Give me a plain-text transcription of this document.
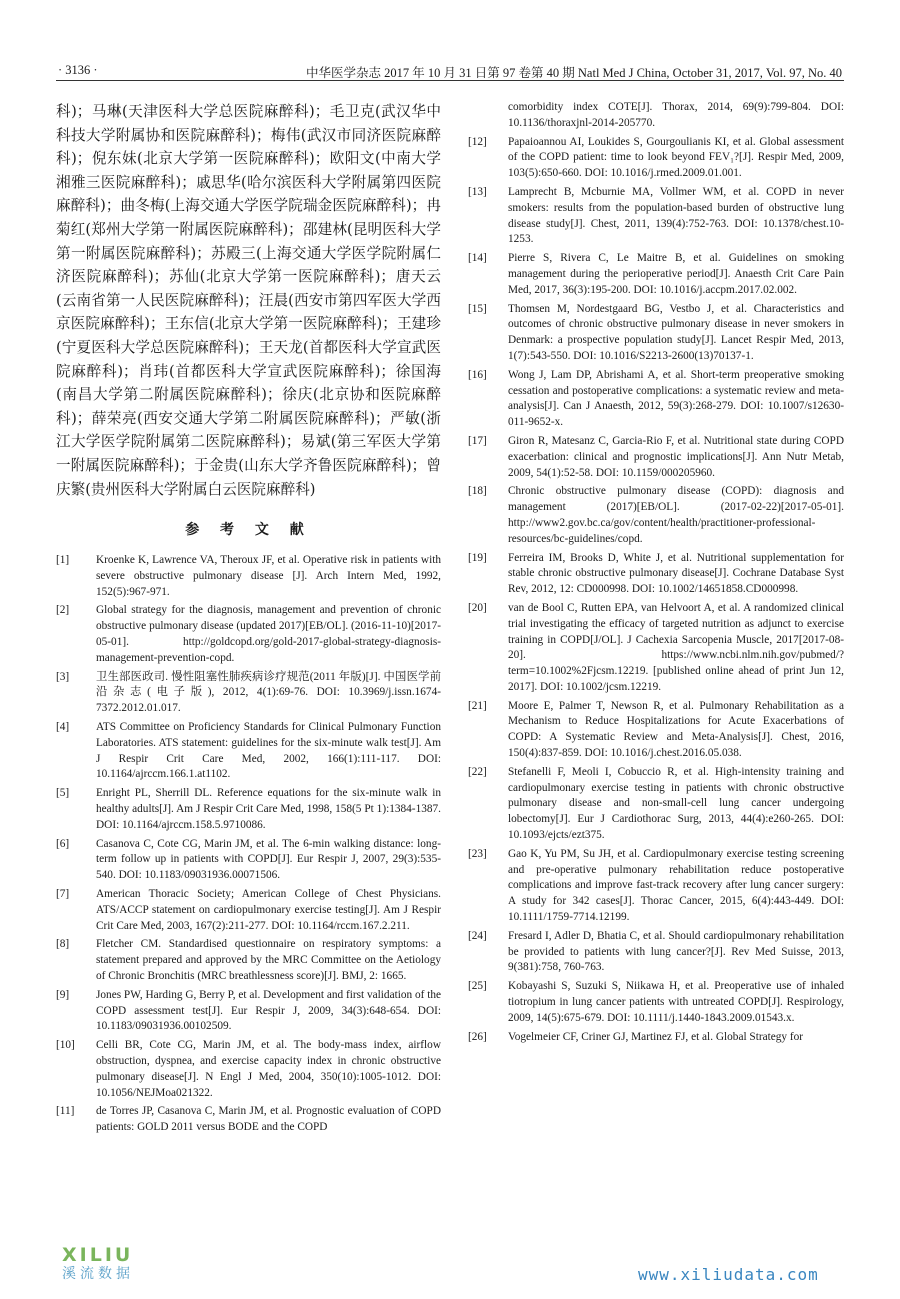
· 3136 ·	中华医学杂志 2017 年 10 月 31 日第 97 卷第 40 期 Natl Med J China, October 31, 2017, Vol. 97, No. 40

科)；马琳(天津医科大学总医院麻醉科)；毛卫克(武汉华中科技大学附属协和医院麻醉科)；梅伟(武汉市同济医院麻醉科)；倪东妹(北京大学第一医院麻醉科)；欧阳文(中南大学湘雅三医院麻醉科)；戚思华(哈尔滨医科大学附属第四医院麻醉科)；曲冬梅(上海交通大学医学院瑞金医院麻醉科)；冉菊红(郑州大学第一附属医院麻醉科)；邵建林(昆明医科大学第一附属医院麻醉科)；苏殿三(上海交通大学医学院附属仁济医院麻醉科)；苏仙(北京大学第一医院麻醉科)；唐天云(云南省第一人民医院麻醉科)；汪晨(西安市第四军医大学西京医院麻醉科)；王东信(北京大学第一医院麻醉科)；王建珍(宁夏医科大学总医院麻醉科)；王天龙(首都医科大学宣武医院麻醉科)；肖玮(首都医科大学宣武医院麻醉科)；徐国海(南昌大学第二附属医院麻醉科)；徐庆(北京协和医院麻醉科)；薛荣亮(西安交通大学第二附属医院麻醉科)；严敏(浙江大学医学院附属第二医院麻醉科)；易斌(第三军医大学第一附属医院麻醉科)；于金贵(山东大学齐鲁医院麻醉科)；曾庆繁(贵州医科大学附属白云医院麻醉科)

参 考 文 献
[1]	Kroenke K, Lawrence VA, Theroux JF, et al. Operative risk in patients with severe obstructive pulmonary disease [J]. Arch Intern Med, 1992, 152(5):967-971.
[2]	Global strategy for the diagnosis, management and prevention of chronic obstructive pulmonary disease (updated 2017)[EB/OL]. (2016-11-10)[2017-05-01]. http://goldcopd.org/gold-2017-global-strategy-diagnosis-management-prevention-copd.
[3]	卫生部医政司. 慢性阻塞性肺疾病诊疗规范(2011 年版)[J]. 中国医学前沿杂志(电子版), 2012, 4(1):69-76. DOI: 10.3969/j.issn.1674-7372.2012.01.017.
[4]	ATS Committee on Proficiency Standards for Clinical Pulmonary Function Laboratories. ATS statement: guidelines for the six-minute walk test[J]. Am J Respir Crit Care Med, 2002, 166(1):111-117. DOI: 10.1164/ajrccm.166.1.at1102.
[5]	Enright PL, Sherrill DL. Reference equations for the six-minute walk in healthy adults[J]. Am J Respir Crit Care Med, 1998, 158(5 Pt 1):1384-1387. DOI: 10.1164/ajrccm.158.5.9710086.
[6]	Casanova C, Cote CG, Marin JM, et al. The 6-min walking distance: long-term follow up in patients with COPD[J]. Eur Respir J, 2007, 29(3):535-540. DOI: 10.1183/09031936.00071506.
[7]	American Thoracic Society; American College of Chest Physicians. ATS/ACCP statement on cardiopulmonary exercise testing[J]. Am J Respir Crit Care Med, 2003, 167(2):211-277. DOI: 10.1164/rccm.167.2.211.
[8]	Fletcher CM. Standardised questionnaire on respiratory symptoms: a statement prepared and approved by the MRC Committee on the Aetiology of Chronic Bronchitis (MRC breathlessness score)[J]. BMJ, 2: 1665.
[9]	Jones PW, Harding G, Berry P, et al. Development and first validation of the COPD assessment test[J]. Eur Respir J, 2009, 34(3):648-654. DOI: 10.1183/09031936.00102509.
[10]	Celli BR, Cote CG, Marin JM, et al. The body-mass index, airflow obstruction, dyspnea, and exercise capacity index in chronic obstructive pulmonary disease[J]. N Engl J Med, 2004, 350(10):1005-1012. DOI: 10.1056/NEJMoa021322.
[11]	de Torres JP, Casanova C, Marin JM, et al. Prognostic evaluation of COPD patients: GOLD 2011 versus BODE and the COPD
comorbidity index COTE[J]. Thorax, 2014, 69(9):799-804. DOI: 10.1136/thoraxjnl-2014-205770.
[12]	Papaioannou AI, Loukides S, Gourgoulianis KI, et al. Global assessment of the COPD patient: time to look beyond FEV₁?[J]. Respir Med, 2009, 103(5):650-660. DOI: 10.1016/j.rmed.2009.01.001.
[13]	Lamprecht B, Mcburnie MA, Vollmer WM, et al. COPD in never smokers: results from the population-based burden of obstructive lung disease study[J]. Chest, 2011, 139(4):752-763. DOI: 10.1378/chest.10-1253.
[14]	Pierre S, Rivera C, Le Maitre B, et al. Guidelines on smoking management during the perioperative period[J]. Anaesth Crit Care Pain Med, 2017, 36(3):195-200. DOI: 10.1016/j.accpm.2017.02.002.
[15]	Thomsen M, Nordestgaard BG, Vestbo J, et al. Characteristics and outcomes of chronic obstructive pulmonary disease in never smokers in Denmark: a prospective population study[J]. Lancet Respir Med, 2013, 1(7):543-550. DOI: 10.1016/S2213-2600(13)70137-1.
[16]	Wong J, Lam DP, Abrishami A, et al. Short-term preoperative smoking cessation and postoperative complications: a systematic review and meta-analysis[J]. Can J Anaesth, 2012, 59(3):268-279. DOI: 10.1007/s12630-011-9652-x.
[17]	Giron R, Matesanz C, Garcia-Rio F, et al. Nutritional state during COPD exacerbation: clinical and prognostic implications[J]. Ann Nutr Metab, 2009, 54(1):52-58. DOI: 10.1159/000205960.
[18]	Chronic obstructive pulmonary disease (COPD): diagnosis and management (2017)[EB/OL]. (2017-02-22)[2017-05-01]. http://www2.gov.bc.ca/gov/content/health/practitioner-professional-resources/bc-guidelines/copd.
[19]	Ferreira IM, Brooks D, White J, et al. Nutritional supplementation for stable chronic obstructive pulmonary disease[J]. Cochrane Database Syst Rev, 2012, 12: CD000998. DOI: 10.1002/14651858.CD000998.
[20]	van de Bool C, Rutten EPA, van Helvoort A, et al. A randomized clinical trial investigating the efficacy of targeted nutrition as adjunct to exercise training in COPD[J/OL]. J Cachexia Sarcopenia Muscle, 2017[2017-08-20]. https://www.ncbi.nlm.nih.gov/pubmed/?term=10.1002%2Fjcsm.12219. [published online ahead of print Jun 12, 2017]. DOI: 10.1002/jcsm.12219.
[21]	Moore E, Palmer T, Newson R, et al. Pulmonary Rehabilitation as a Mechanism to Reduce Hospitalizations for Acute Exacerbations of COPD: A Systematic Review and Meta-Analysis[J]. Chest, 2016, 150(4):837-859. DOI: 10.1016/j.chest.2016.05.038.
[22]	Stefanelli F, Meoli I, Cobuccio R, et al. High-intensity training and cardiopulmonary exercise testing in patients with chronic obstructive pulmonary disease and non-small-cell lung cancer undergoing lobectomy[J]. Eur J Cardiothorac Surg, 2013, 44(4):e260-265. DOI: 10.1093/ejcts/ezt375.
[23]	Gao K, Yu PM, Su JH, et al. Cardiopulmonary exercise testing screening and pre-operative pulmonary rehabilitation reduce postoperative complications and improve fast-track recovery after lung cancer surgery: A study for 342 cases[J]. Thorac Cancer, 2015, 6(4):443-449. DOI: 10.1111/1759-7714.12199.
[24]	Fresard I, Adler D, Bhatia C, et al. Should cardiopulmonary rehabilitation be provided to patients with lung cancer?[J]. Rev Med Suisse, 2013, 9(381):758, 760-763.
[25]	Kobayashi S, Suzuki S, Niikawa H, et al. Preoperative use of inhaled tiotropium in lung cancer patients with untreated COPD[J]. Respirology, 2009, 14(5):675-679. DOI: 10.1111/j.1440-1843.2009.01543.x.
[26]	Vogelmeier CF, Criner GJ, Martinez FJ, et al. Global Strategy for
XILIU
溪流数据	www.xiliudata.com
